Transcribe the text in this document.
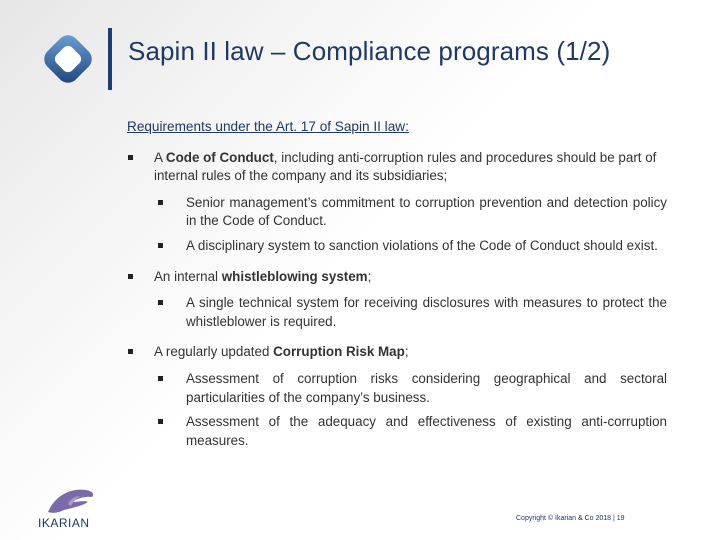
Sapin II law – Compliance programs (1/2)
Requirements under the Art. 17 of Sapin II law:
A Code of Conduct, including anti-corruption rules and procedures should be part of internal rules of the company and its subsidiaries;
Senior management’s commitment to corruption prevention and detection policy in the Code of Conduct.
A disciplinary system to sanction violations of the Code of Conduct should exist.
An internal whistleblowing system;
A single technical system for receiving disclosures with measures to protect the whistleblower is required.
A regularly updated Corruption Risk Map;
Assessment of corruption risks considering geographical and sectoral particularities of the company’s business.
Assessment of the adequacy and effectiveness of existing anti-corruption measures.
IKARIAN	Copyright © Ikarian & Co 2018 | 19
